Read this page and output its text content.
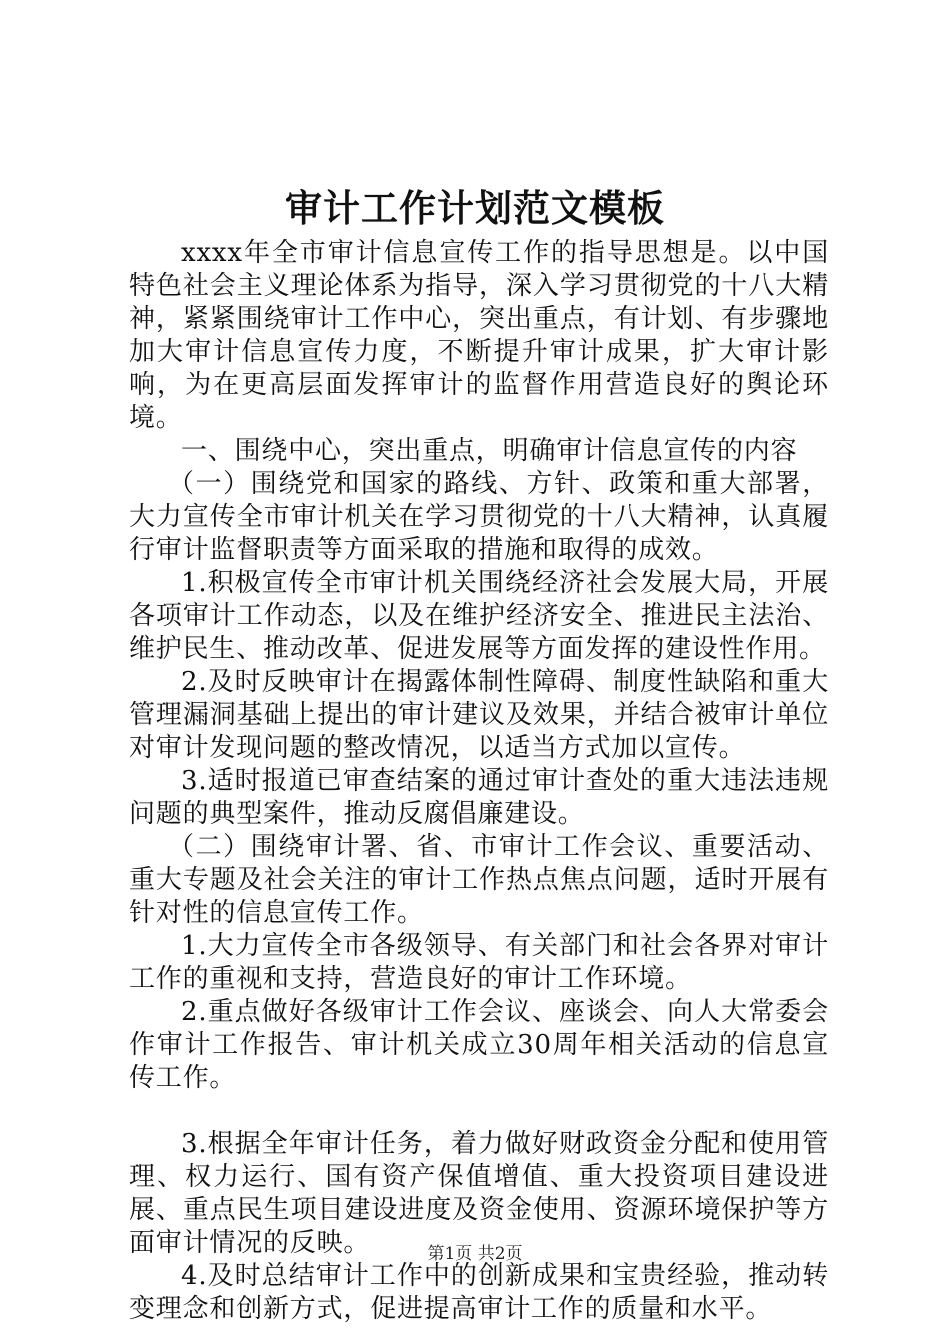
审计工作计划范文模板

xxxx年全市审计信息宣传工作的指导思想是。以中国特色社会主义理论体系为指导，深入学习贯彻党的十八大精神，紧紧围绕审计工作中心，突出重点，有计划、有步骤地加大审计信息宣传力度，不断提升审计成果，扩大审计影响，为在更高层面发挥审计的监督作用营造良好的舆论环境。

一、围绕中心，突出重点，明确审计信息宣传的内容

（一）围绕党和国家的路线、方针、政策和重大部署，大力宣传全市审计机关在学习贯彻党的十八大精神，认真履行审计监督职责等方面采取的措施和取得的成效。

1.积极宣传全市审计机关围绕经济社会发展大局，开展各项审计工作动态，以及在维护经济安全、推进民主法治、维护民生、推动改革、促进发展等方面发挥的建设性作用。

2.及时反映审计在揭露体制性障碍、制度性缺陷和重大管理漏洞基础上提出的审计建议及效果，并结合被审计单位对审计发现问题的整改情况，以适当方式加以宣传。

3.适时报道已审查结案的通过审计查处的重大违法违规问题的典型案件，推动反腐倡廉建设。

（二）围绕审计署、省、市审计工作会议、重要活动、重大专题及社会关注的审计工作热点焦点问题，适时开展有针对性的信息宣传工作。

1.大力宣传全市各级领导、有关部门和社会各界对审计工作的重视和支持，营造良好的审计工作环境。

2.重点做好各级审计工作会议、座谈会、向人大常委会作审计工作报告、审计机关成立30周年相关活动的信息宣传工作。

3.根据全年审计任务，着力做好财政资金分配和使用管理、权力运行、国有资产保值增值、重大投资项目建设进展、重点民生项目建设进度及资金使用、资源环境保护等方面审计情况的反映。

4.及时总结审计工作中的创新成果和宝贵经验，推动转变理念和创新方式，促进提高审计工作的质量和水平。

第1页 共2页
